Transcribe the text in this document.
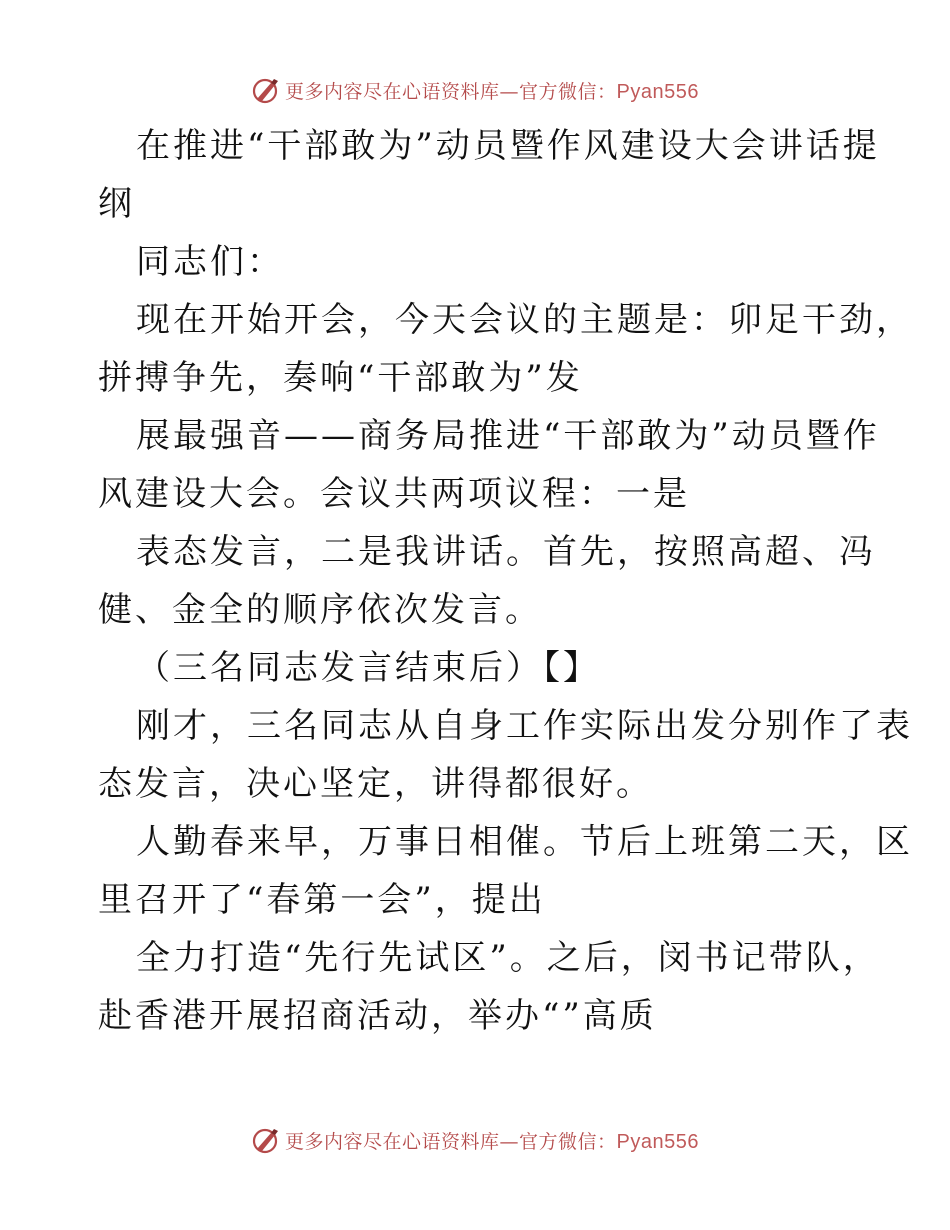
更多内容尽在心语资料库—官方微信：Pyan556
在推进“干部敢为”动员暨作风建设大会讲话提
纲
同志们：
现在开始开会，今天会议的主题是：卯足干劲，
拼搏争先，奏响“干部敢为”发
展最强音——商务局推进“干部敢为”动员暨作
风建设大会。会议共两项议程：一是
表态发言，二是我讲话。首先，按照高超、冯
健、金全的顺序依次发言。
（三名同志发言结束后）【】
刚才，三名同志从自身工作实际出发分别作了表
态发言，决心坚定，讲得都很好。
人勤春来早，万事日相催。节后上班第二天，区
里召开了“春第一会”，提出
全力打造“先行先试区”。之后，闵书记带队，
赴香港开展招商活动，举办“”高质
更多内容尽在心语资料库—官方微信：Pyan556
